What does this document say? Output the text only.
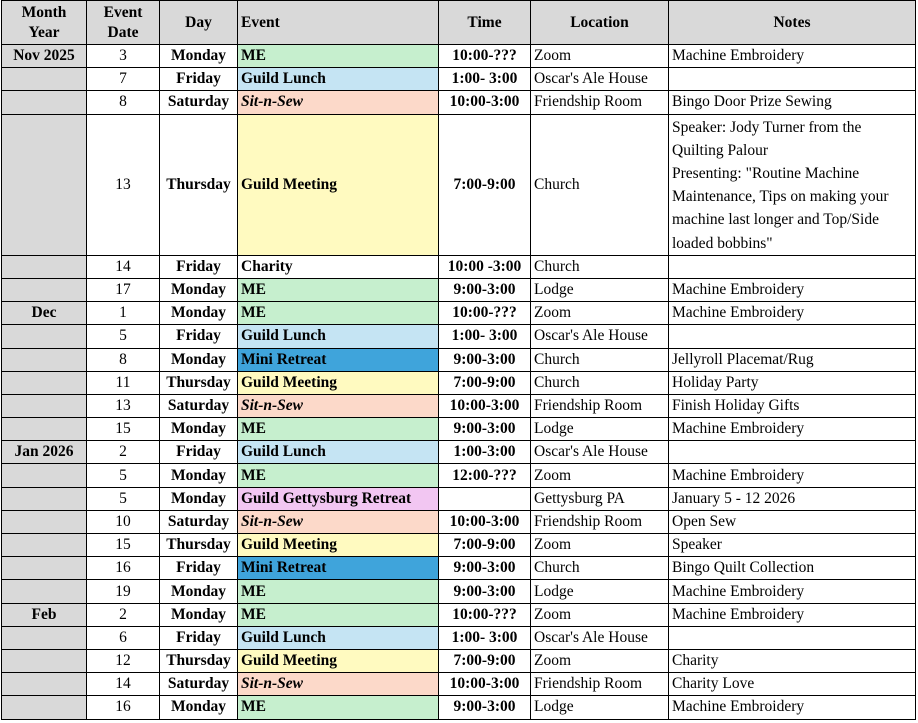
Month Year	Event Date	Day	Event	Time	Location	Notes
Nov 2025	3	Monday	ME	10:00-???	Zoom	Machine Embroidery
	7	Friday	Guild Lunch	1:00- 3:00	Oscar's Ale House	
	8	Saturday	Sit-n-Sew	10:00-3:00	Friendship Room	Bingo Door Prize Sewing
	13	Thursday	Guild Meeting	7:00-9:00	Church	Speaker: Jody Turner from the Quilting Palour
Presenting: "Routine Machine Maintenance, Tips on making your machine last longer and Top/Side loaded bobbins"
	14	Friday	Charity	10:00 -3:00	Church	
	17	Monday	ME	9:00-3:00	Lodge	Machine Embroidery
Dec	1	Monday	ME	10:00-???	Zoom	Machine Embroidery
	5	Friday	Guild Lunch	1:00- 3:00	Oscar's Ale House	
	8	Monday	Mini Retreat	9:00-3:00	Church	Jellyroll Placemat/Rug
	11	Thursday	Guild Meeting	7:00-9:00	Church	Holiday Party
	13	Saturday	Sit-n-Sew	10:00-3:00	Friendship Room	Finish Holiday Gifts
	15	Monday	ME	9:00-3:00	Lodge	Machine Embroidery
Jan 2026	2	Friday	Guild Lunch	1:00-3:00	Oscar's Ale House	
	5	Monday	ME	12:00-???	Zoom	Machine Embroidery
	5	Monday	Guild Gettysburg Retreat		Gettysburg PA	January 5 - 12 2026
	10	Saturday	Sit-n-Sew	10:00-3:00	Friendship Room	Open Sew
	15	Thursday	Guild Meeting	7:00-9:00	Zoom	Speaker
	16	Friday	Mini Retreat	9:00-3:00	Church	Bingo Quilt Collection
	19	Monday	ME	9:00-3:00	Lodge	Machine Embroidery
Feb	2	Monday	ME	10:00-???	Zoom	Machine Embroidery
	6	Friday	Guild Lunch	1:00- 3:00	Oscar's Ale House	
	12	Thursday	Guild Meeting	7:00-9:00	Zoom	Charity
	14	Saturday	Sit-n-Sew	10:00-3:00	Friendship Room	Charity Love
	16	Monday	ME	9:00-3:00	Lodge	Machine Embroidery
